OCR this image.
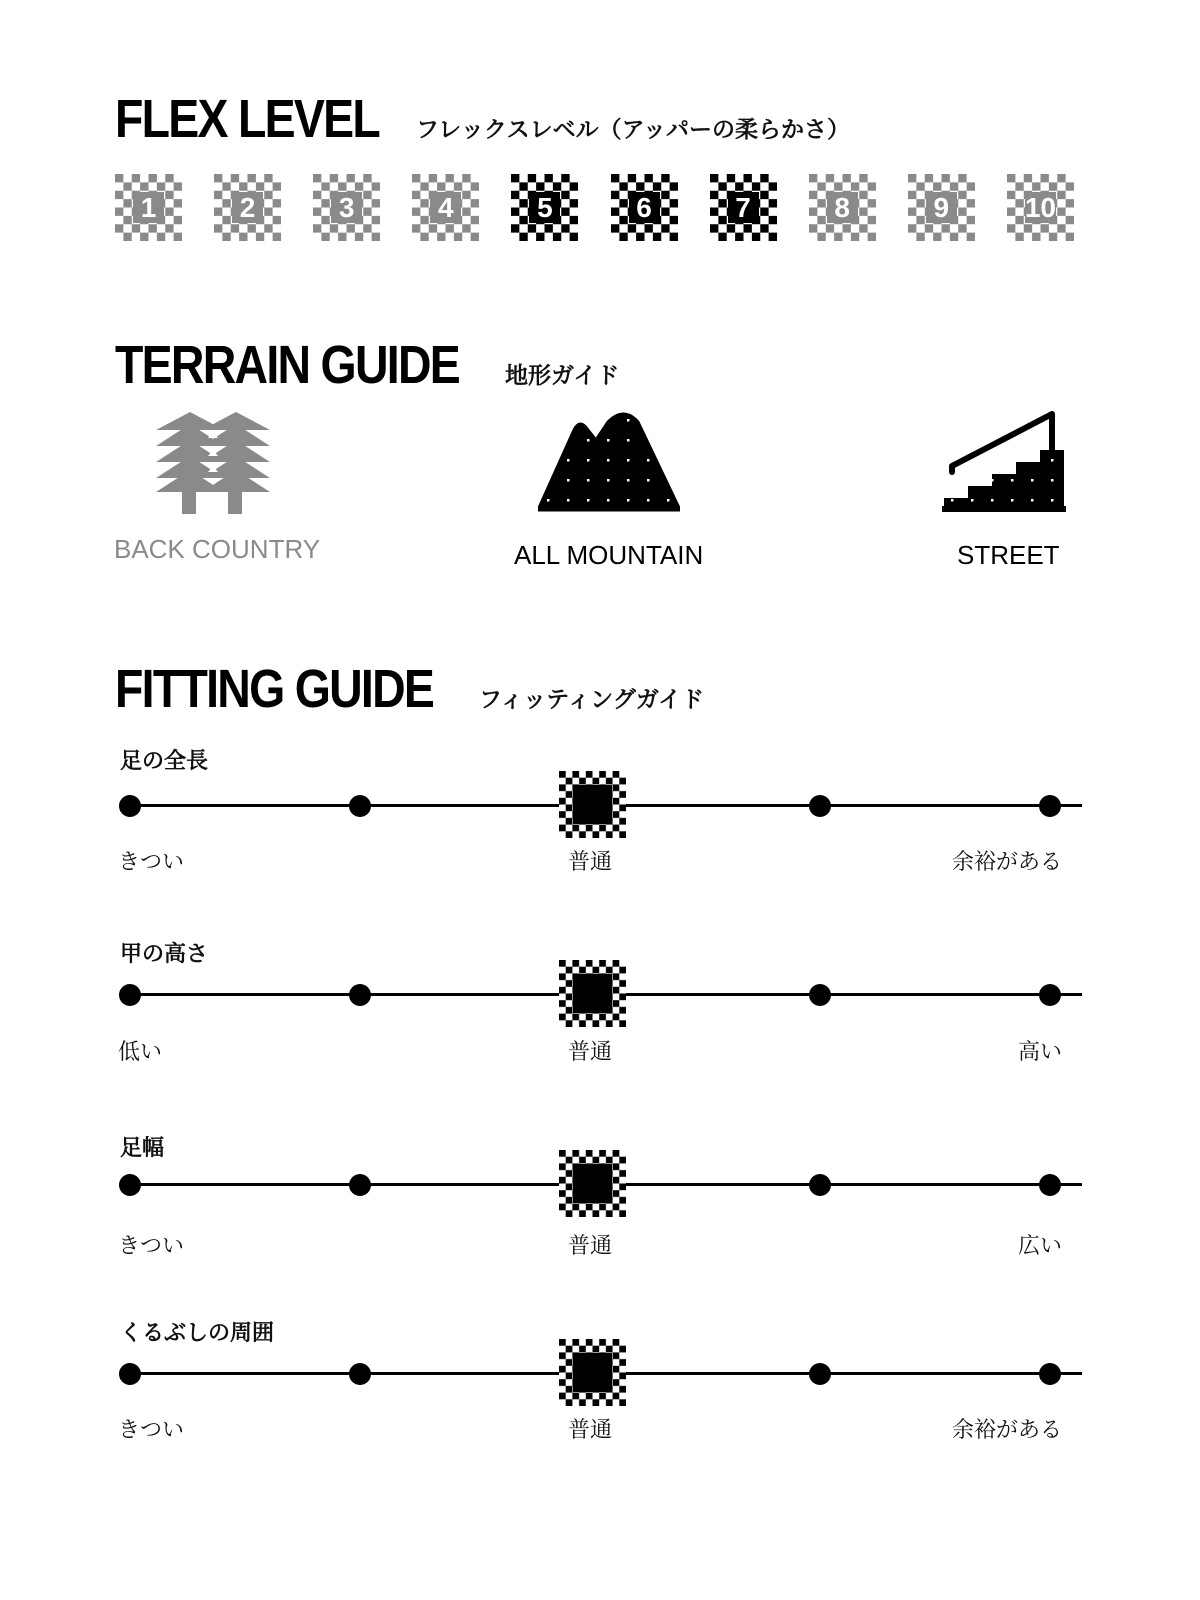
FLEX LEVEL フレックスレベル（アッパーの柔らかさ）
1	2	3	4	5	6	7	8	9	10
TERRAIN GUIDE 地形ガイド
BACK COUNTRY	ALL MOUNTAIN	STREET
FITTING GUIDE フィッティングガイド
足の全長
きつい	普通	余裕がある
甲の高さ
低い	普通	高い
足幅
きつい	普通	広い
くるぶしの周囲
きつい	普通	余裕がある
